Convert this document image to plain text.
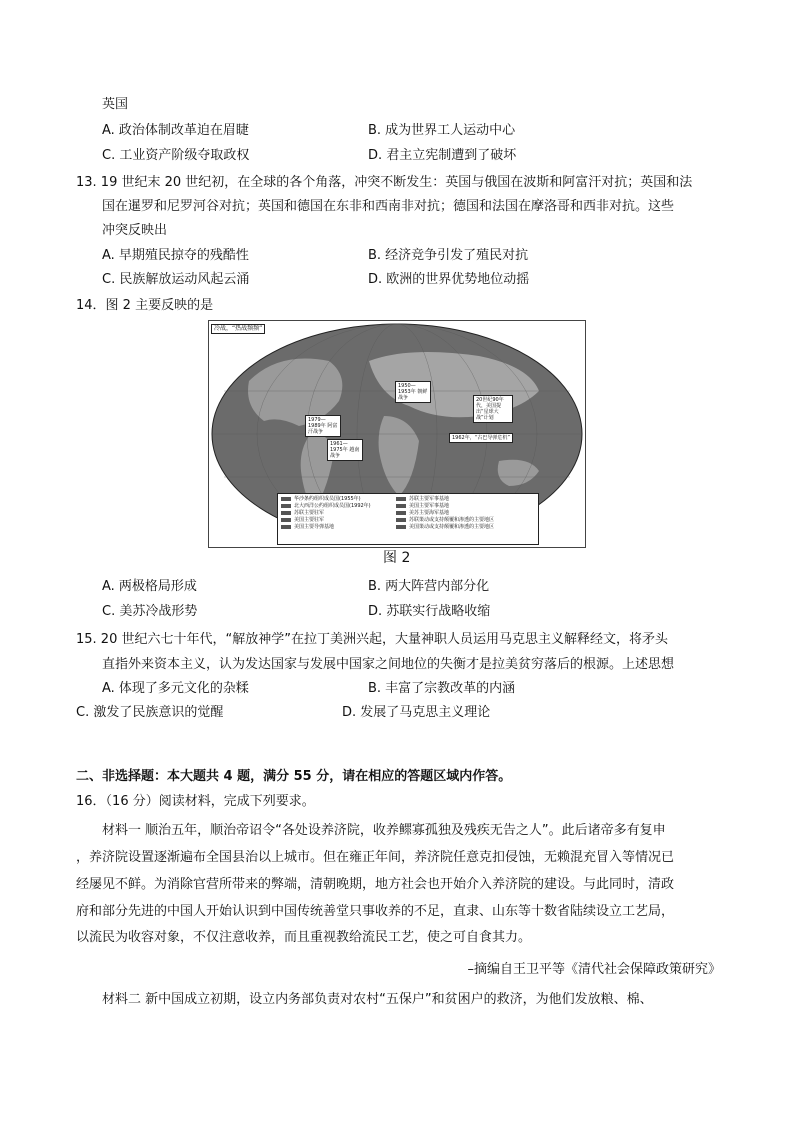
英国
A. 政治体制改革迫在眉睫	B. 成为世界工人运动中心
C. 工业资产阶级夺取政权	D. 君主立宪制遭到了破坏
13. 19 世纪末 20 世纪初，在全球的各个角落，冲突不断发生：英国与俄国在波斯和阿富汗对抗；英国和法
国在暹罗和尼罗河谷对抗；英国和德国在东非和西南非对抗；德国和法国在摩洛哥和西非对抗。这些
冲突反映出
A. 早期殖民掠夺的残酷性	B. 经济竞争引发了殖民对抗
C. 民族解放运动风起云涌	D. 欧洲的世界优势地位动摇
14．图 2 主要反映的是
冷战，“热战频频”
1950—1953年 朝鲜战争	20世纪90年代，美国提出“星球大战”计划
1962年，“古巴导弹危机”
1979—1989年 阿富汗战争
1961—1975年 越南战争
华沙条约组织成员国(1955年)
北大西洋公约组织成员国(1992年)
苏联主要驻军
美国主要驻军
美国主要导弹基地
苏联主要军事基地
美国主要军事基地
美苏主要海军基地
苏联策动或支持颠覆和渗透的主要地区
美国策动或支持颠覆和渗透的主要地区
图 2
A. 两极格局形成	B. 两大阵营内部分化
C. 美苏冷战形势	D. 苏联实行战略收缩
15. 20 世纪六七十年代，“解放神学”在拉丁美洲兴起，大量神职人员运用马克思主义解释经文，将矛头
直指外来资本主义，认为发达国家与发展中国家之间地位的失衡才是拉美贫穷落后的根源。上述思想
A. 体现了多元文化的杂糅	B. 丰富了宗教改革的内涵
C. 激发了民族意识的觉醒	D. 发展了马克思主义理论
二、非选择题：本大题共 4 题，满分 55 分，请在相应的答题区域内作答。
16．（16 分）阅读材料，完成下列要求。
材料一 顺治五年，顺治帝诏令“各处设养济院，收养鳏寡孤独及残疾无告之人”。此后诸帝多有复申
，养济院设置逐渐遍布全国县治以上城市。但在雍正年间，养济院任意克扣侵蚀，无赖混充冒入等情况已
经屡见不鲜。为消除官营所带来的弊端，清朝晚期，地方社会也开始介入养济院的建设。与此同时，清政
府和部分先进的中国人开始认识到中国传统善堂只事收养的不足，直隶、山东等十数省陆续设立工艺局，
以流民为收容对象，不仅注意收养，而且重视教给流民工艺，使之可自食其力。
–摘编自王卫平等《清代社会保障政策研究》
材料二 新中国成立初期，设立内务部负责对农村“五保户”和贫困户的救济，为他们发放粮、棉、
